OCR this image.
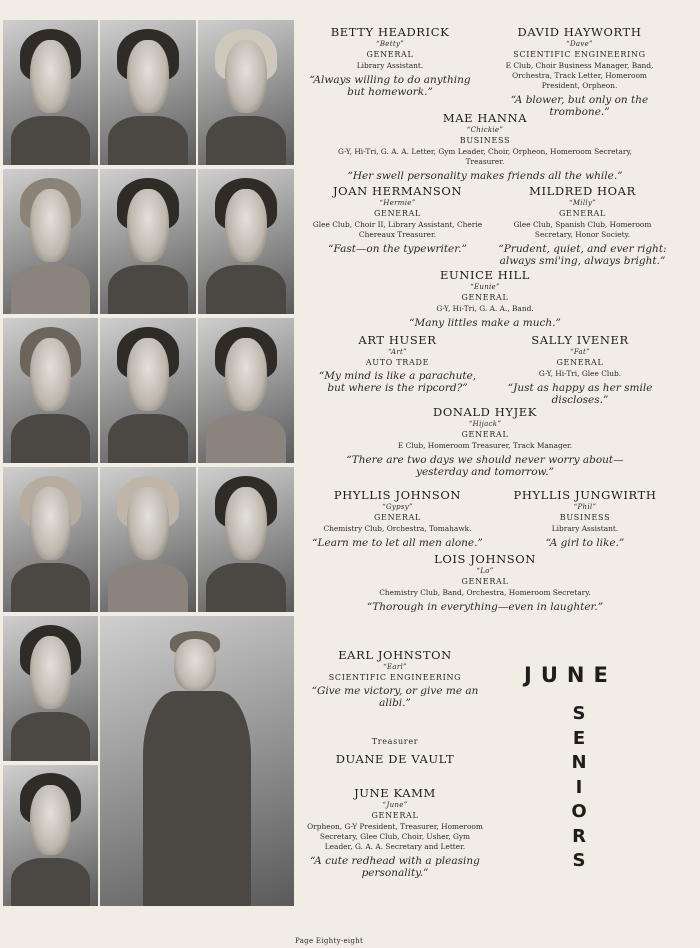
BETTY HEADRICK
“Betty”
GENERAL
Library Assistant.
“Always willing to do anything but homework.”
DAVID HAYWORTH
“Dave”
SCIENTIFIC ENGINEERING
E Club, Choir Business Manager, Band, Orchestra, Track Letter, Homeroom President, Orpheon.
“A blower, but only on the trombone.”
MAE HANNA
“Chickie”
BUSINESS
G-Y, Hi-Tri, G. A. A. Letter, Gym Leader, Choir, Orpheon, Homeroom Secretary, Treasurer.
“Her swell personality makes friends all the while.”
JOAN HERMANSON
“Hermie”
GENERAL
Glee Club, Choir II, Library Assistant, Cherie Chereaux Treasurer.
“Fast—on the typewriter.”
MILDRED HOAR
“Milly”
GENERAL
Glee Club, Spanish Club, Homeroom Secretary, Honor Society.
“Prudent, quiet, and ever right: always smi'ing, always bright.”
EUNICE HILL
“Eunie”
GENERAL
G-Y, Hi-Tri, G. A. A., Band.
“Many littles make a much.”
ART HUSER
“Art”
AUTO TRADE
“My mind is like a parachute, but where is the ripcord?”
SALLY IVENER
“Fat”
GENERAL
G-Y, Hi-Tri, Glee Club.
“Just as happy as her smile discloses.”
DONALD HYJEK
“Hijack”
GENERAL
E Club, Homeroom Treasurer, Track Manager.
“There are two days we should never worry about— yesterday and tomorrow.”
PHYLLIS JOHNSON
“Gypsy”
GENERAL
Chemistry Club, Orchestra, Tomahawk.
“Learn me to let all men alone.”
PHYLLIS JUNGWIRTH
“Phil”
BUSINESS
Library Assistant.
“A girl to like.”
LOIS JOHNSON
“Lo”
GENERAL
Chemistry Club, Band, Orchestra, Homeroom Secretary.
“Thorough in everything—even in laughter.”
EARL JOHNSTON
“Earl”
SCIENTIFIC ENGINEERING
“Give me victory, or give me an alibi.”
Treasurer
DUANE DE VAULT
JUNE KAMM
“June”
GENERAL
Orpheon, G-Y President, Treasurer, Homeroom Secretary, Glee Club, Choir, Usher, Gym Leader, G. A. A. Secretary and Letter.
“A cute redhead with a pleasing personality.”
JUNE
S
E
N
I
O
R
S
Page Eighty-eight
